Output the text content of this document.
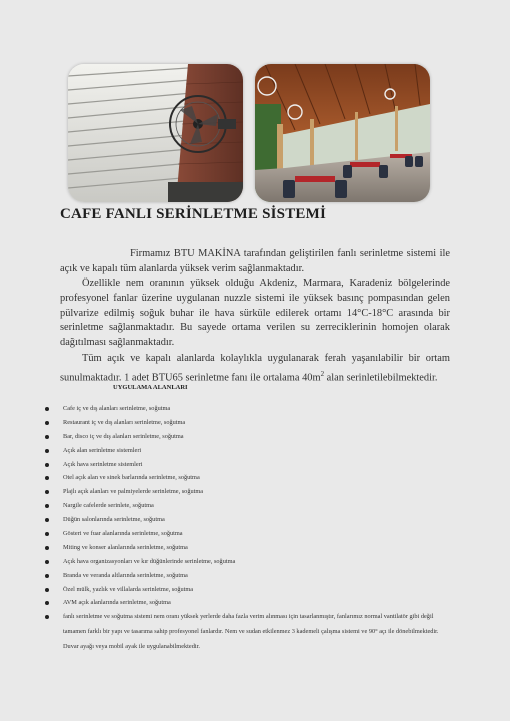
CAFE FANLI SERİNLETME SİSTEMİ

Firmamız BTU MAKİNA tarafından geliştirilen fanlı serinletme sistemi ile açık ve kapalı tüm alanlarda yüksek verim sağlanmaktadır.

Özellikle nem oranının yüksek olduğu Akdeniz, Marmara, Karadeniz bölgelerinde profesyonel fanlar üzerine uygulanan nuzzle sistemi ile yüksek basınç pompasından gelen pülvarize edilmiş soğuk buhar ile hava sürküle edilerek ortamı 14°C-18°C arasında bir serinletme sağlanmaktadır. Bu sayede ortama verilen su zerreciklerinin homojen olarak dağıtılması sağlanmaktadır.

Tüm açık ve kapalı alanlarda kolaylıkla uygulanarak ferah yaşanılabilir bir ortam sunulmaktadır. 1 adet BTU65 serinletme fanı ile ortalama $40m^2$ alan serinletilebilmektedir.

UYGULAMA ALANLARI
Cafe iç ve dış alanları serinletme, soğutma
Restaurant iç ve dış alanları serinletme, soğutma
Bar, disco iç ve dış alanları serinletme, soğutma
Açık alan serinletme sistemleri
Açık hava serinletme sistemleri
Otel açık alan ve sinek barlarında serinletme, soğutma
Plajlı açık alanları ve palmiyelerde serinletme, soğutma
Nargile cafelerde serinlete, soğutma
Düğün salonlarında serinletme, soğutma
Gösteri ve fuar alanlarında serinletme, soğutma
Miting ve konser alanlarında serinletme, soğutma
Açık hava organizasyonları ve kır düğünlerinde serinletme, soğutma
Branda ve veranda altlarında serinletme, soğutma
Özel mülk, yazlık ve villalarda serinletme, soğutma
AVM açık alanlarında serinletme, soğutma
fanlı serinletme ve soğutma sistemi nem oranı yüksek yerlerde daha fazla verim alınması için tasarlanmıştır, fanlarımız normal vantilatör gibi değil tamamen farklı bir yapı ve tasarıma sahip profesyonel fanlardır. Nem ve sudan etkilenmez 3 kademeli çalışma sistemi ve 90° açı ile dönebilmektedir. Duvar ayağı veya mobil ayak ile uygulanabilmektedir.
